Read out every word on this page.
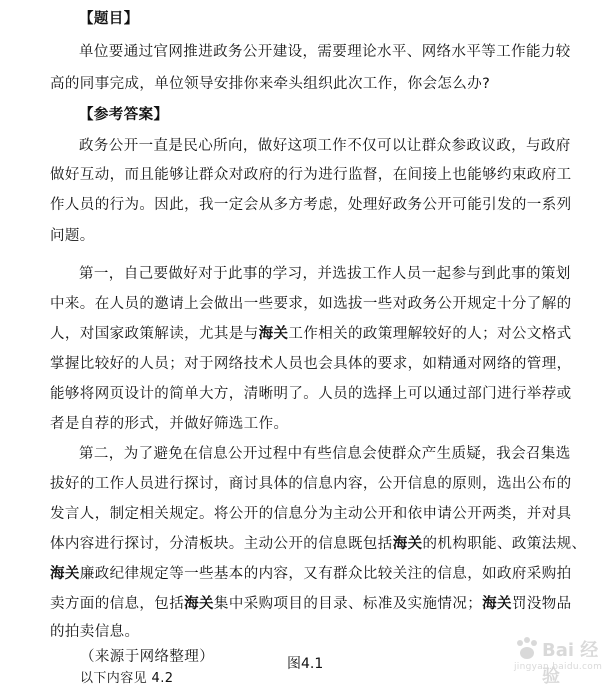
【题目】
单位要通过官网推进政务公开建设，需要理论水平、网络水平等工作能力较
高的同事完成，单位领导安排你来牵头组织此次工作，你会怎么办?
【参考答案】
政务公开一直是民心所向，做好这项工作不仅可以让群众参政议政，与政府
做好互动，而且能够让群众对政府的行为进行监督，在间接上也能够约束政府工
作人员的行为。因此，我一定会从多方考虑，处理好政务公开可能引发的一系列
问题。
第一，自己要做好对于此事的学习，并选拔工作人员一起参与到此事的策划
中来。在人员的邀请上会做出一些要求，如选拔一些对政务公开规定十分了解的
人，对国家政策解读，尤其是与海关工作相关的政策理解较好的人；对公文格式
掌握比较好的人员；对于网络技术人员也会具体的要求，如精通对网络的管理，
能够将网页设计的简单大方，清晰明了。人员的选择上可以通过部门进行举荐或
者是自荐的形式，并做好筛选工作。
第二，为了避免在信息公开过程中有些信息会使群众产生质疑，我会召集选
拔好的工作人员进行探讨，商讨具体的信息内容，公开信息的原则，选出公布的
发言人，制定相关规定。将公开的信息分为主动公开和依申请公开两类，并对具
体内容进行探讨，分清板块。主动公开的信息既包括海关的机构职能、政策法规、
海关廉政纪律规定等一些基本的内容，又有群众比较关注的信息，如政府采购拍
卖方面的信息，包括海关集中采购项目的目录、标准及实施情况；海关罚没物品
的拍卖信息。
（来源于网络整理）
以下内容见 4.2
图4.1
Bai 经验
jingyan.baidu.com
